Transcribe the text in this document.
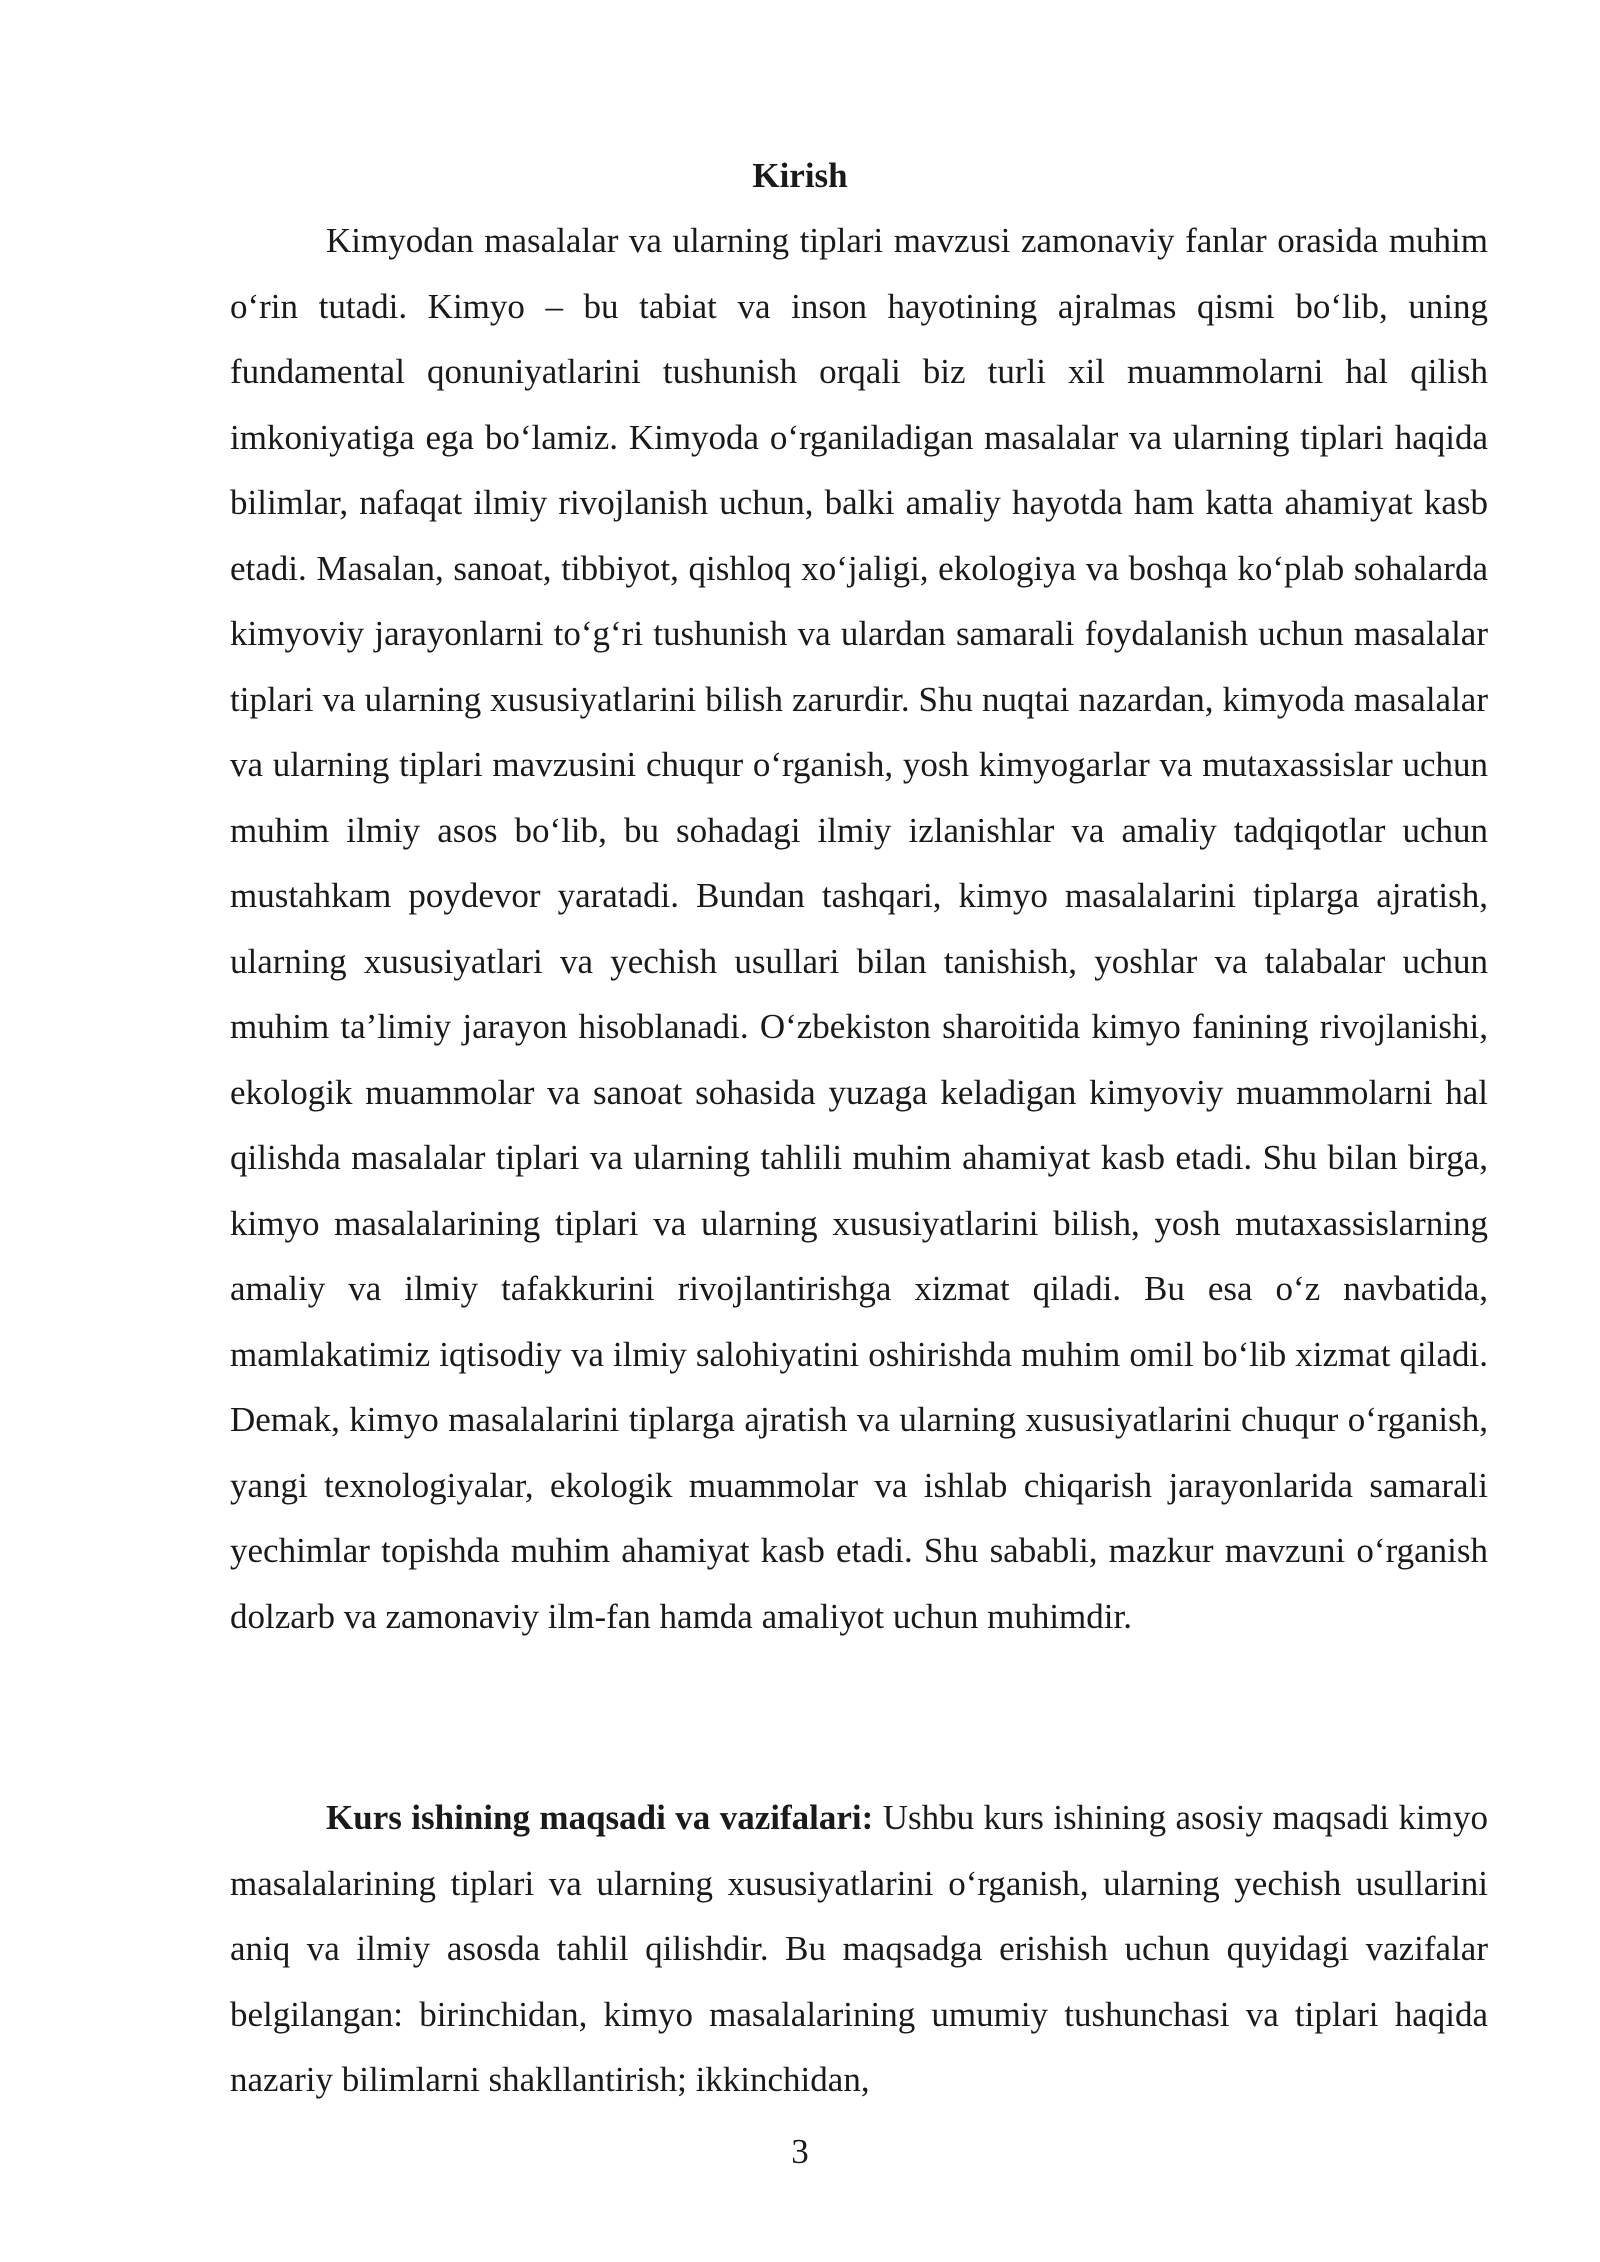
Kirish

Kimyodan masalalar va ularning tiplari mavzusi zamonaviy fanlar orasida muhim o‘rin tutadi. Kimyo – bu tabiat va inson hayotining ajralmas qismi bo‘lib, uning fundamental qonuniyatlarini tushunish orqali biz turli xil muammolarni hal qilish imkoniyatiga ega bo‘lamiz. Kimyoda o‘rganiladigan masalalar va ularning tiplari haqida bilimlar, nafaqat ilmiy rivojlanish uchun, balki amaliy hayotda ham katta ahamiyat kasb etadi. Masalan, sanoat, tibbiyot, qishloq xo‘jaligi, ekologiya va boshqa ko‘plab sohalarda kimyoviy jarayonlarni to‘g‘ri tushunish va ulardan samarali foydalanish uchun masalalar tiplari va ularning xususiyatlarini bilish zarurdir. Shu nuqtai nazardan, kimyoda masalalar va ularning tiplari mavzusini chuqur o‘rganish, yosh kimyogarlar va mutaxassislar uchun muhim ilmiy asos bo‘lib, bu sohadagi ilmiy izlanishlar va amaliy tadqiqotlar uchun mustahkam poydevor yaratadi. Bundan tashqari, kimyo masalalarini tiplarga ajratish, ularning xususiyatlari va yechish usullari bilan tanishish, yoshlar va talabalar uchun muhim ta’limiy jarayon hisoblanadi. O‘zbekiston sharoitida kimyo fanining rivojlanishi, ekologik muammolar va sanoat sohasida yuzaga keladigan kimyoviy muammolarni hal qilishda masalalar tiplari va ularning tahlili muhim ahamiyat kasb etadi. Shu bilan birga, kimyo masalalarining tiplari va ularning xususiyatlarini bilish, yosh mutaxassislarning amaliy va ilmiy tafakkurini rivojlantirishga xizmat qiladi. Bu esa o‘z navbatida, mamlakatimiz iqtisodiy va ilmiy salohiyatini oshirishda muhim omil bo‘lib xizmat qiladi. Demak, kimyo masalalarini tiplarga ajratish va ularning xususiyatlarini chuqur o‘rganish, yangi texnologiyalar, ekologik muammolar va ishlab chiqarish jarayonlarida samarali yechimlar topishda muhim ahamiyat kasb etadi. Shu sababli, mazkur mavzuni o‘rganish dolzarb va zamonaviy ilm-fan hamda amaliyot uchun muhimdir.

Kurs ishining maqsadi va vazifalari: Ushbu kurs ishining asosiy maqsadi kimyo masalalarining tiplari va ularning xususiyatlarini o‘rganish, ularning yechish usullarini aniq va ilmiy asosda tahlil qilishdir. Bu maqsadga erishish uchun quyidagi vazifalar belgilangan: birinchidan, kimyo masalalarining umumiy tushunchasi va tiplari haqida nazariy bilimlarni shakllantirish; ikkinchidan,

3
